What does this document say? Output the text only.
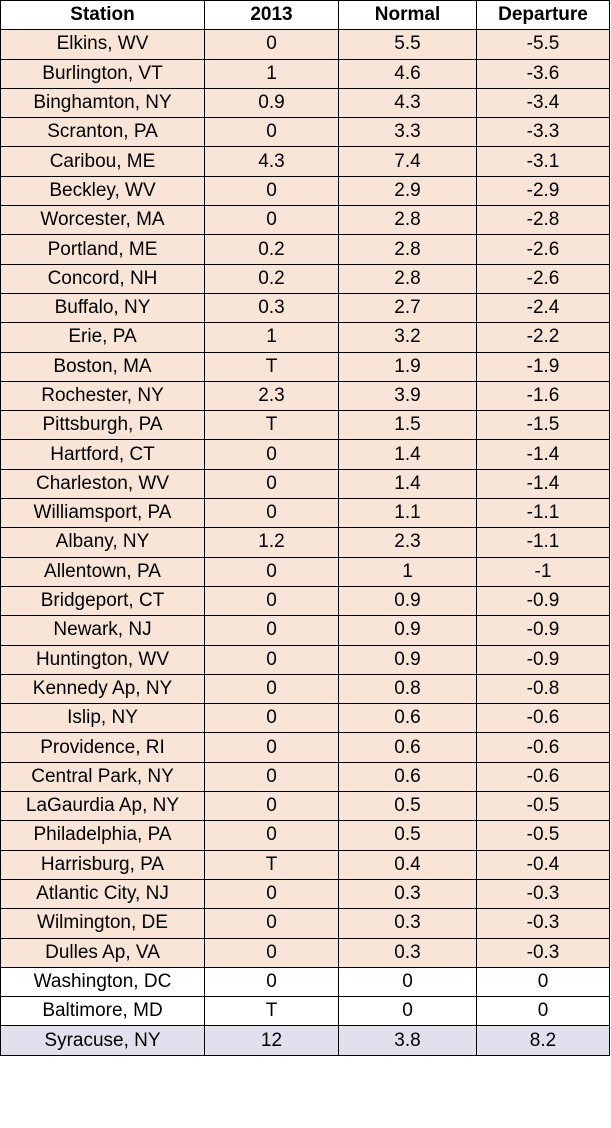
Station	2013	Normal	Departure
Elkins, WV	0	5.5	-5.5
Burlington, VT	1	4.6	-3.6
Binghamton, NY	0.9	4.3	-3.4
Scranton, PA	0	3.3	-3.3
Caribou, ME	4.3	7.4	-3.1
Beckley, WV	0	2.9	-2.9
Worcester, MA	0	2.8	-2.8
Portland, ME	0.2	2.8	-2.6
Concord, NH	0.2	2.8	-2.6
Buffalo, NY	0.3	2.7	-2.4
Erie, PA	1	3.2	-2.2
Boston, MA	T	1.9	-1.9
Rochester, NY	2.3	3.9	-1.6
Pittsburgh, PA	T	1.5	-1.5
Hartford, CT	0	1.4	-1.4
Charleston, WV	0	1.4	-1.4
Williamsport, PA	0	1.1	-1.1
Albany, NY	1.2	2.3	-1.1
Allentown, PA	0	1	-1
Bridgeport, CT	0	0.9	-0.9
Newark, NJ	0	0.9	-0.9
Huntington, WV	0	0.9	-0.9
Kennedy Ap, NY	0	0.8	-0.8
Islip, NY	0	0.6	-0.6
Providence, RI	0	0.6	-0.6
Central Park, NY	0	0.6	-0.6
LaGaurdia Ap, NY	0	0.5	-0.5
Philadelphia, PA	0	0.5	-0.5
Harrisburg, PA	T	0.4	-0.4
Atlantic City, NJ	0	0.3	-0.3
Wilmington, DE	0	0.3	-0.3
Dulles Ap, VA	0	0.3	-0.3
Washington, DC	0	0	0
Baltimore, MD	T	0	0
Syracuse, NY	12	3.8	8.2
